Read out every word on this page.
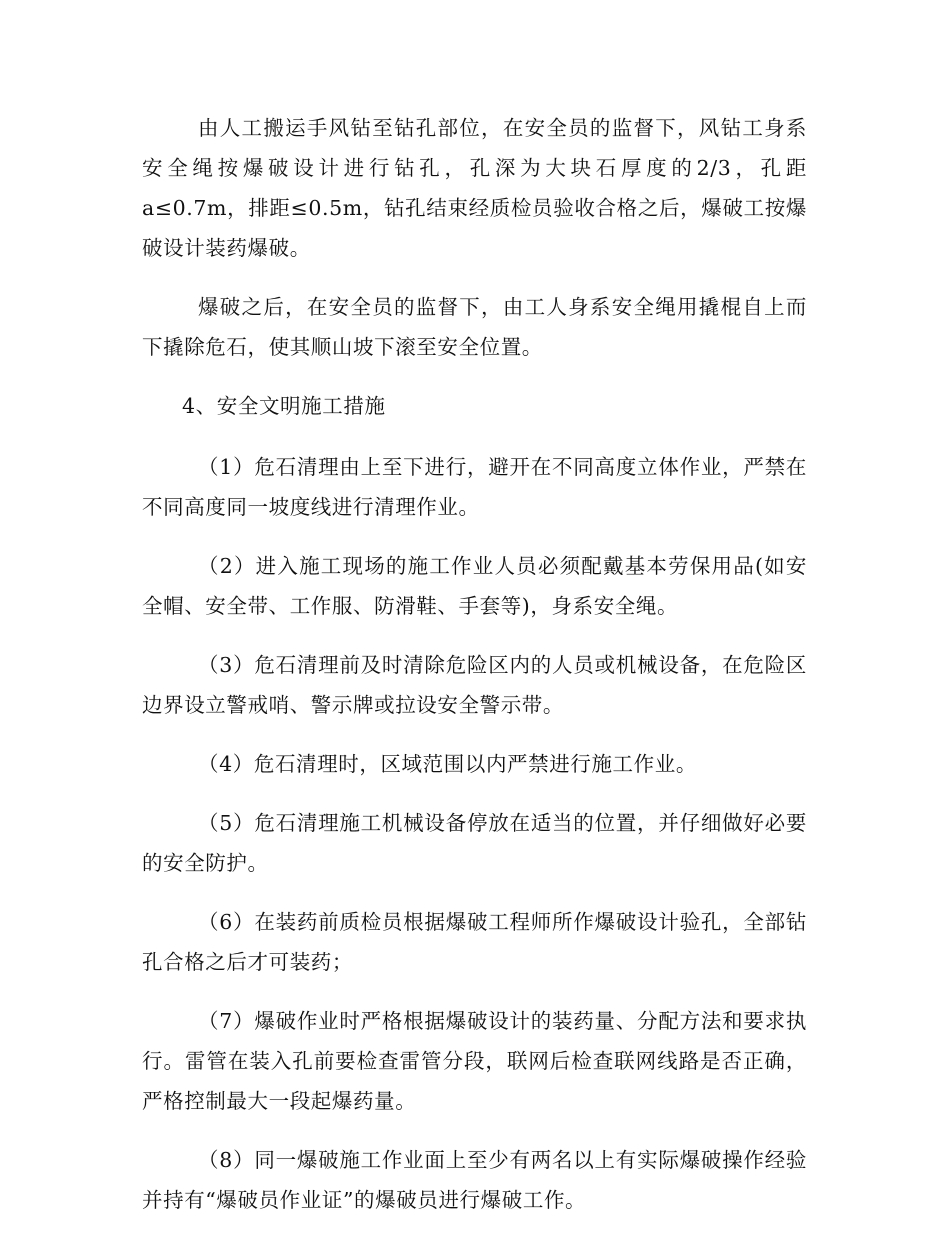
由人工搬运手风钻至钻孔部位，在安全员的监督下，风钻工身系安全绳按爆破设计进行钻孔，孔深为大块石厚度的2/3，孔距a≤0.7m，排距≤0.5m，钻孔结束经质检员验收合格之后，爆破工按爆破设计装药爆破。

爆破之后，在安全员的监督下，由工人身系安全绳用撬棍自上而下撬除危石，使其顺山坡下滚至安全位置。

4、安全文明施工措施

（1）危石清理由上至下进行，避开在不同高度立体作业，严禁在不同高度同一坡度线进行清理作业。

（2）进入施工现场的施工作业人员必须配戴基本劳保用品(如安全帽、安全带、工作服、防滑鞋、手套等)，身系安全绳。

（3）危石清理前及时清除危险区内的人员或机械设备，在危险区边界设立警戒哨、警示牌或拉设安全警示带。

（4）危石清理时，区域范围以内严禁进行施工作业。

（5）危石清理施工机械设备停放在适当的位置，并仔细做好必要的安全防护。

（6）在装药前质检员根据爆破工程师所作爆破设计验孔，全部钻孔合格之后才可装药；

（7）爆破作业时严格根据爆破设计的装药量、分配方法和要求执行。雷管在装入孔前要检查雷管分段，联网后检查联网线路是否正确，严格控制最大一段起爆药量。

（8）同一爆破施工作业面上至少有两名以上有实际爆破操作经验并持有“爆破员作业证”的爆破员进行爆破工作。
